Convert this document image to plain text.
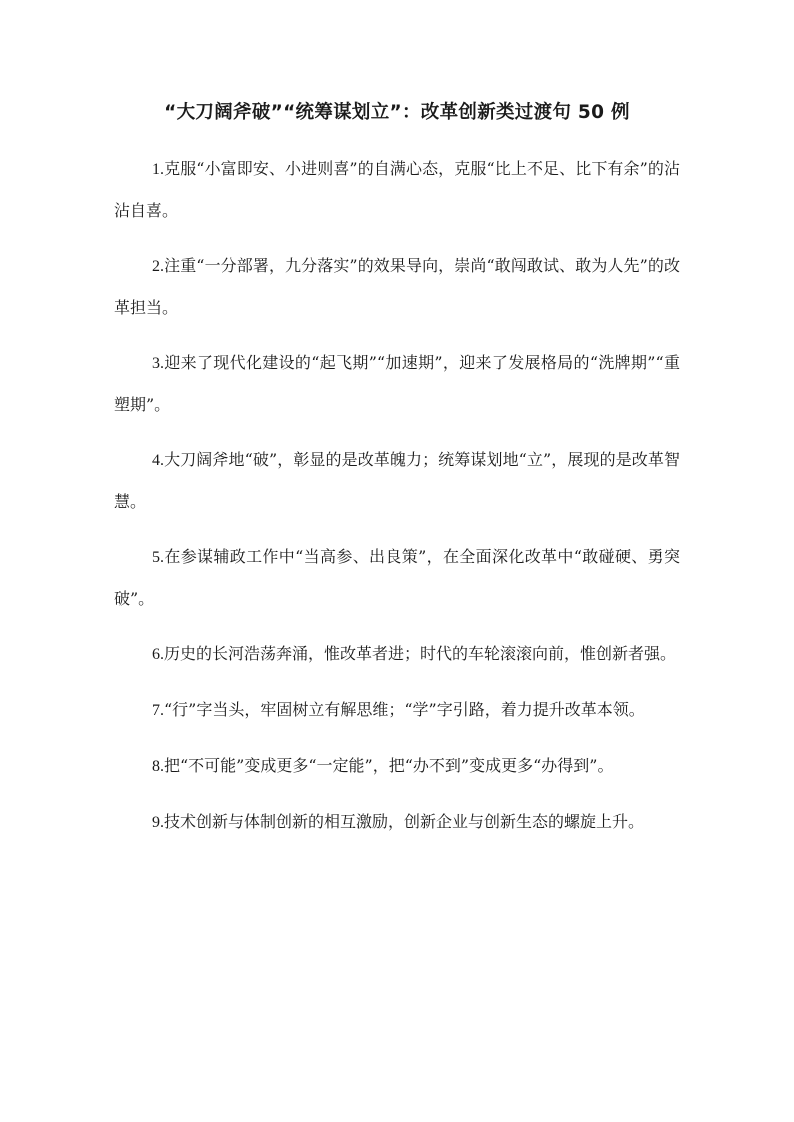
“大刀阔斧破”“统筹谋划立”：改革创新类过渡句 50 例
1.克服“小富即安、小进则喜”的自满心态，克服“比上不足、比下有余”的沾沾自喜。
2.注重“一分部署，九分落实”的效果导向，崇尚“敢闯敢试、敢为人先”的改革担当。
3.迎来了现代化建设的“起飞期”“加速期”，迎来了发展格局的“洗牌期”“重塑期”。
4.大刀阔斧地“破”，彰显的是改革魄力；统筹谋划地“立”，展现的是改革智慧。
5.在参谋辅政工作中“当高参、出良策”，在全面深化改革中“敢碰硬、勇突破”。
6.历史的长河浩荡奔涌，惟改革者进；时代的车轮滚滚向前，惟创新者强。
7.“行”字当头，牢固树立有解思维；“学”字引路，着力提升改革本领。
8.把“不可能”变成更多“一定能”，把“办不到”变成更多“办得到”。
9.技术创新与体制创新的相互激励，创新企业与创新生态的螺旋上升。
